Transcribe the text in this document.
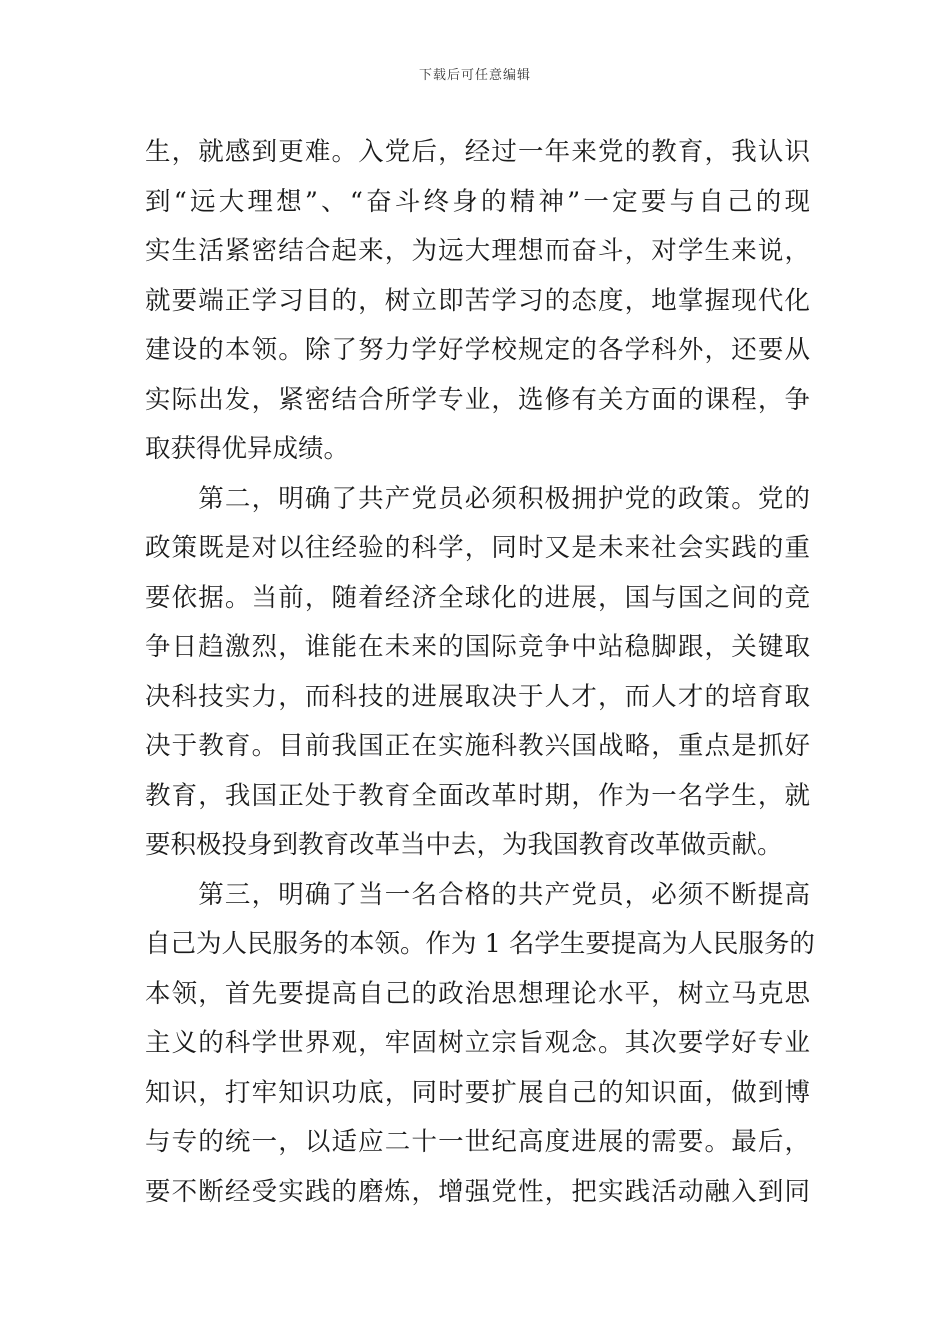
下载后可任意编辑
生，就感到更难。入党后，经过一年来党的教育，我认识
到“远大理想”、“奋斗终身的精神”一定要与自己的现
实生活紧密结合起来，为远大理想而奋斗，对学生来说，
就要端正学习目的，树立即苦学习的态度，地掌握现代化
建设的本领。除了努力学好学校规定的各学科外，还要从
实际出发，紧密结合所学专业，选修有关方面的课程，争
取获得优异成绩。
　　第二，明确了共产党员必须积极拥护党的政策。党的
政策既是对以往经验的科学，同时又是未来社会实践的重
要依据。当前，随着经济全球化的进展，国与国之间的竞
争日趋激烈，谁能在未来的国际竞争中站稳脚跟，关键取
决科技实力，而科技的进展取决于人才，而人才的培育取
决于教育。目前我国正在实施科教兴国战略，重点是抓好
教育，我国正处于教育全面改革时期，作为一名学生，就
要积极投身到教育改革当中去，为我国教育改革做贡献。
　　第三，明确了当一名合格的共产党员，必须不断提高
自己为人民服务的本领。作为 1 名学生要提高为人民服务的
本领，首先要提高自己的政治思想理论水平，树立马克思
主义的科学世界观，牢固树立宗旨观念。其次要学好专业
知识，打牢知识功底，同时要扩展自己的知识面，做到博
与专的统一，以适应二十一世纪高度进展的需要。最后，
要不断经受实践的磨炼，增强党性，把实践活动融入到同
